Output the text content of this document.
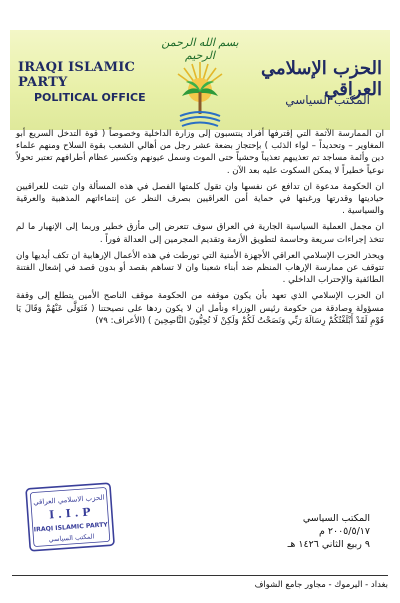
بسم الله الرحمن الرحيم
IRAQI ISLAMIC PARTY
POLITICAL OFFICE
الحزب الإسلامي العراقي
المكتب السياسي

ان الممارسة الآثمة التي إقترفها أفراد ينتسبون إلى وزارة الداخلية وخصوصاً ( قوة التدخل السريع أبو المغاوير – وتحديداً – لواء الذئب ) بإحتجاز بضعة عشر رجل من أهالي الشعب بقوة السلاح ومنهم علماء دين وأئمة مساجد تم تعذيبهم تعذيباً وحشياً حتى الموت وسمل عيونهم وتكسير عظام أطرافهم تعتبر تحولاً نوعياً خطيراً لا يمكن السكوت عليه بعد الآن .

ان الحكومة مدعوة ان تدافع عن نفسها وان تقول كلمتها الفصل في هذه المسألة وان تثبت للعراقيين حياديتها وقدرتها ورغبتها في حماية أمن العراقيين بصرف النظر عن إنتماءاتهم المذهبية والعرقية والسياسية .

ان مجمل العملية السياسية الجارية في العراق سوف تتعرض إلى مأزق خطير وربما إلى الإنهيار ما لم تتخذ إجراءات سريعة وحاسمة لتطويق الأزمة وتقديم المجرمين إلى العدالة فوراً .

ويحذر الحزب الإسلامي العراقي الأجهزة الأمنية التي تورطت في هذه الأعمال الإرهابية ان تكف أيديها وان تتوقف عن ممارسة الإرهاب المنظم ضد أبناء شعبنا وان لا تساهم بقصد أو بدون قصد في إشعال الفتنة الطائفية والإحتراب الداخلي .

ان الحزب الإسلامي الذي تعهد بأن يكون موقفه من الحكومة موقف الناصح الأمين يتطلع إلى وقفة مسؤولة وصادقة من حكومة رئيس الوزراء ونأمل ان لا يكون ردها على نصيحتنا ( فَتَوَلَّى عَنْهُمْ وَقَالَ يَا قَوْمِ لَقَدْ أَبْلَغْتُكُمْ رِسَالَةَ رَبِّي وَنَصَحْتُ لَكُمْ وَلَكِنْ لَا تُحِبُّونَ النَّاصِحِينَ ) (الأعراف: ٧٩)

الحزب الاسلامي العراقي
I . I . P
IRAQI ISLAMIC PARTY
المكتب السياسي
المكتب السياسي
٢٠٠٥/٥/١٧ م
٩ ربيع الثاني ١٤٢٦ هـ
بغداد - اليرموك - مجاور جامع الشواف
